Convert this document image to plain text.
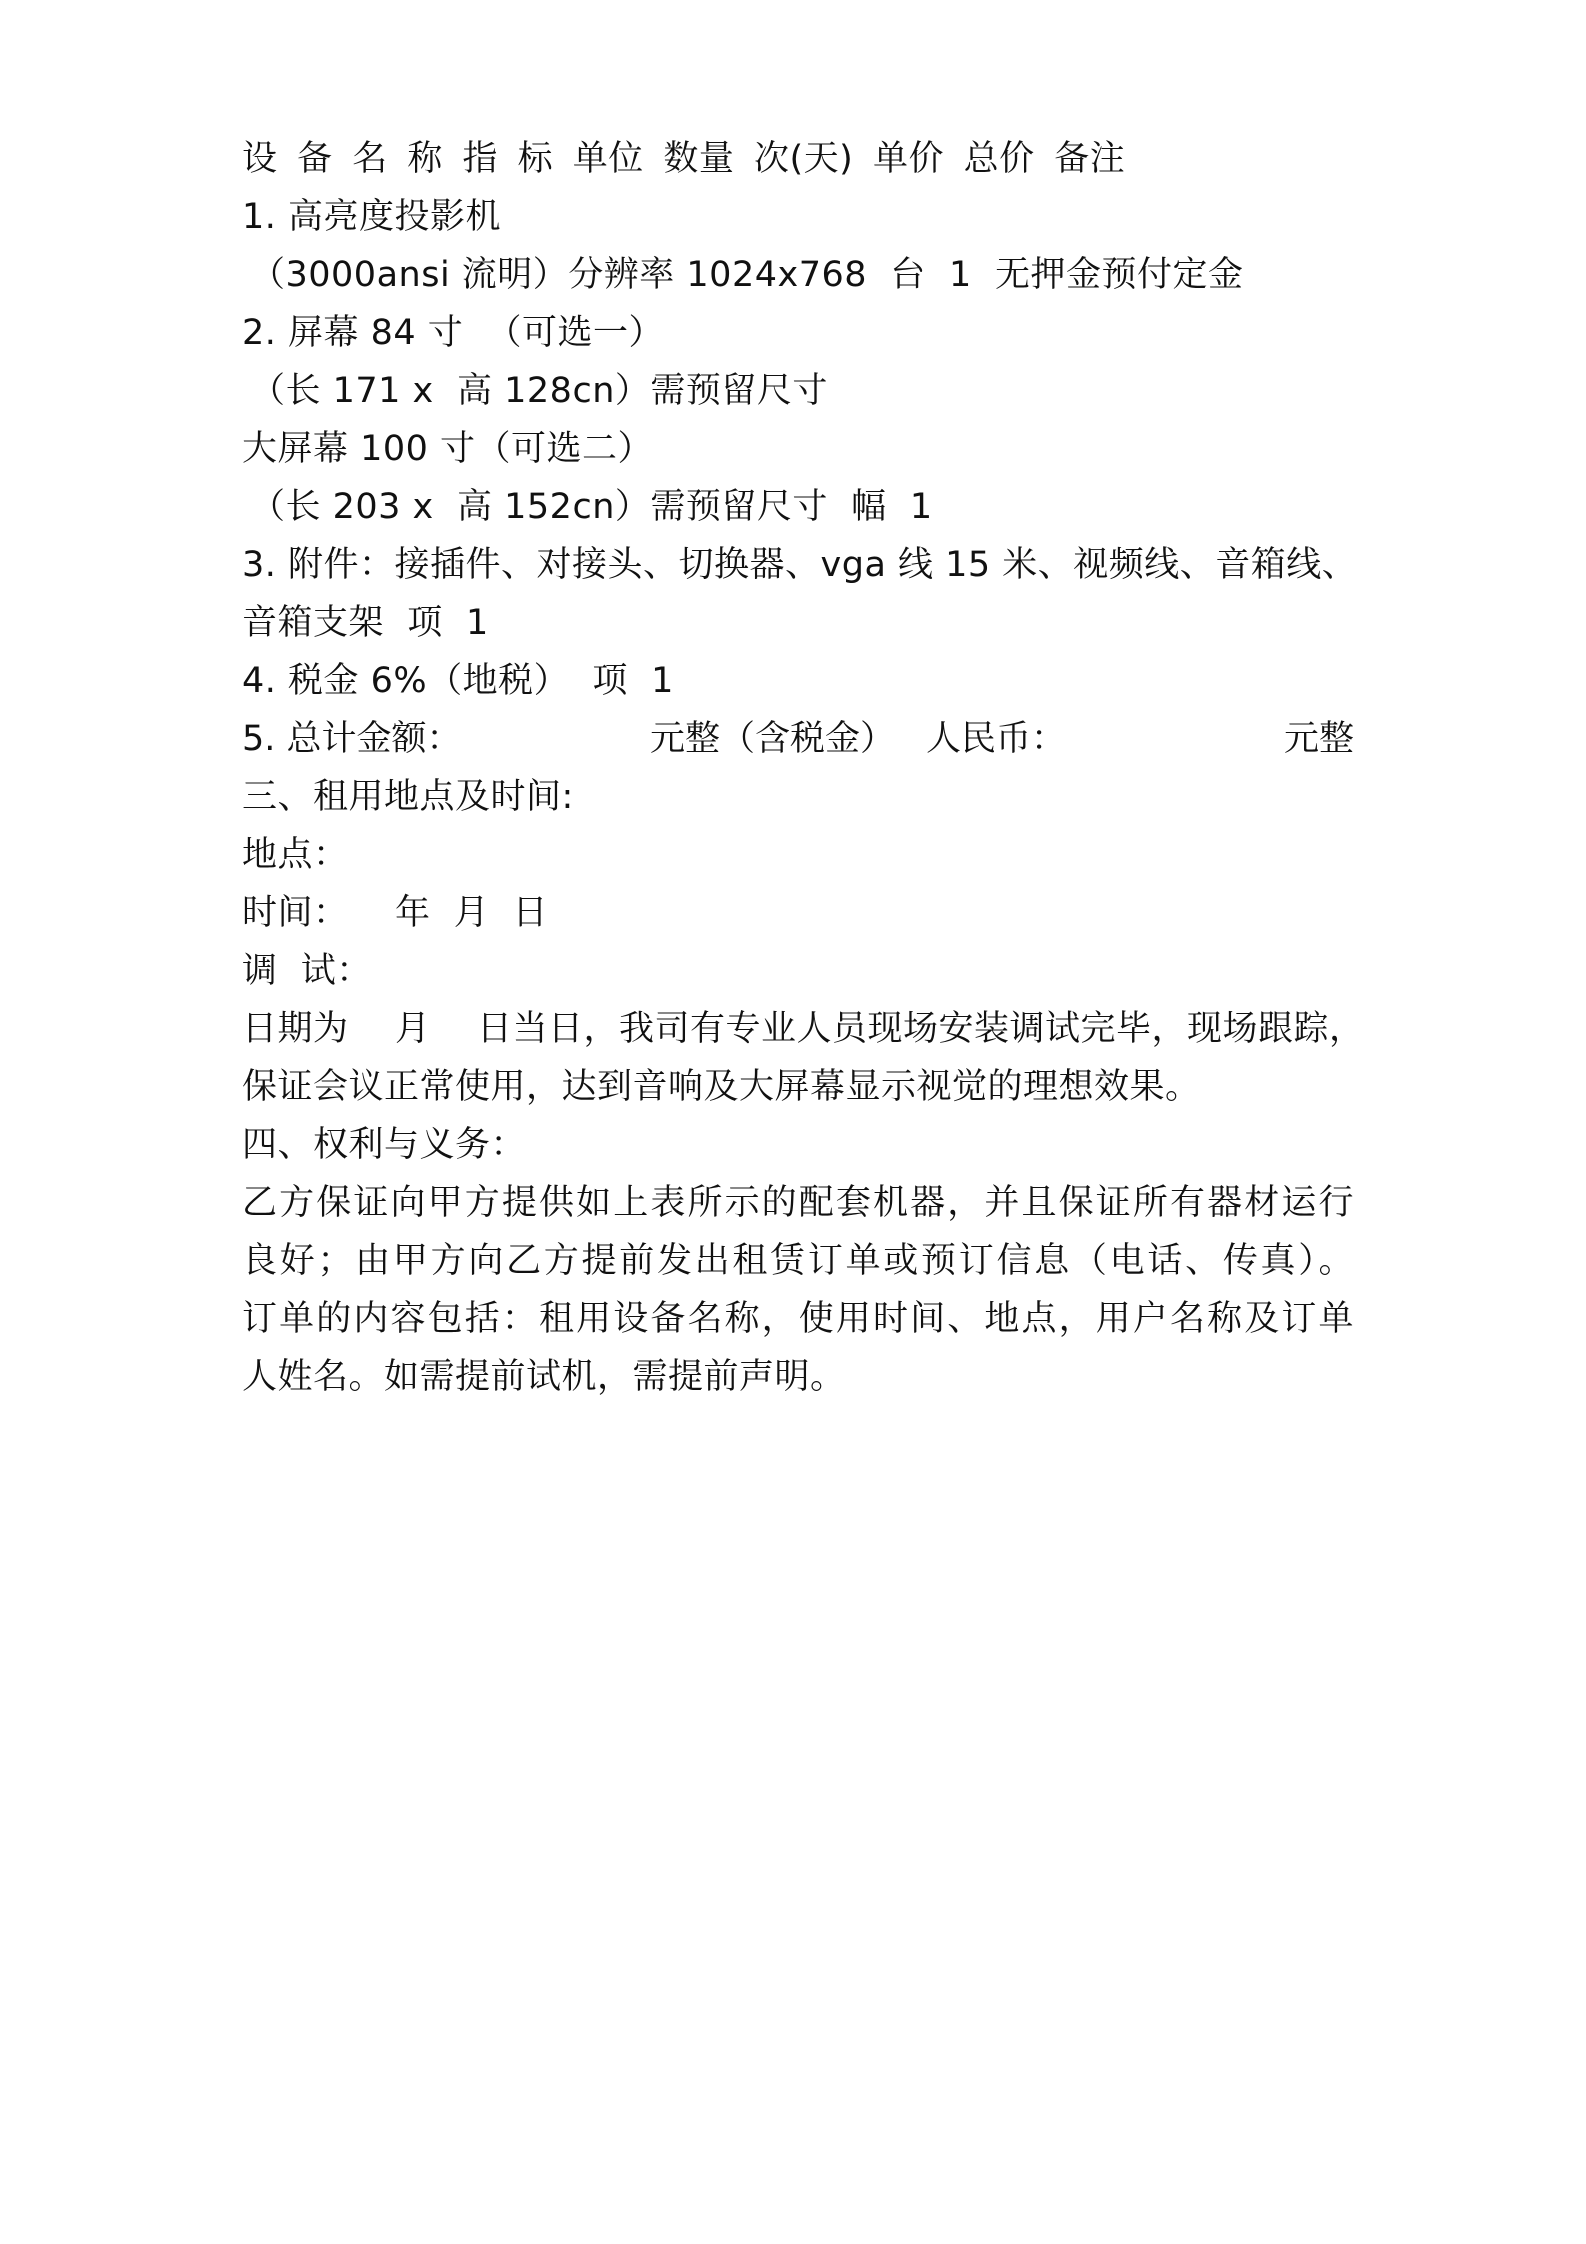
设 备 名 称 指 标 单位 数量 次(天) 单价 总价 备注
1. 高亮度投影机
（3000ansi 流明）分辨率 1024x768  台  1  无押金预付定金
2. 屏幕 84 寸  （可选一）
（长 171 x  高 128cn）需预留尺寸
大屏幕 100 寸（可选二）
（长 203 x  高 152cn）需预留尺寸  幅  1
3. 附件：接插件、对接头、切换器、vga 线 15 米、视频线、音箱线、
音箱支架  项  1
4. 税金 6%（地税）  项  1

5. 总计金额：

	元整（含税金）

人民币：

	元整

三、租用地点及时间:
地点：
时间：    年  月  日
调  试：
日期为    月    日当日，我司有专业人员现场安装调试完毕，现场跟踪，
保证会议正常使用，达到音响及大屏幕显示视觉的理想效果。
四、权利与义务：
乙方保证向甲方提供如上表所示的配套机器，并且保证所有器材运行
良好；由甲方向乙方提前发出租赁订单或预订信息（电话、传真）。
订单的内容包括：租用设备名称，使用时间、地点，用户名称及订单
人姓名。如需提前试机，需提前声明。
